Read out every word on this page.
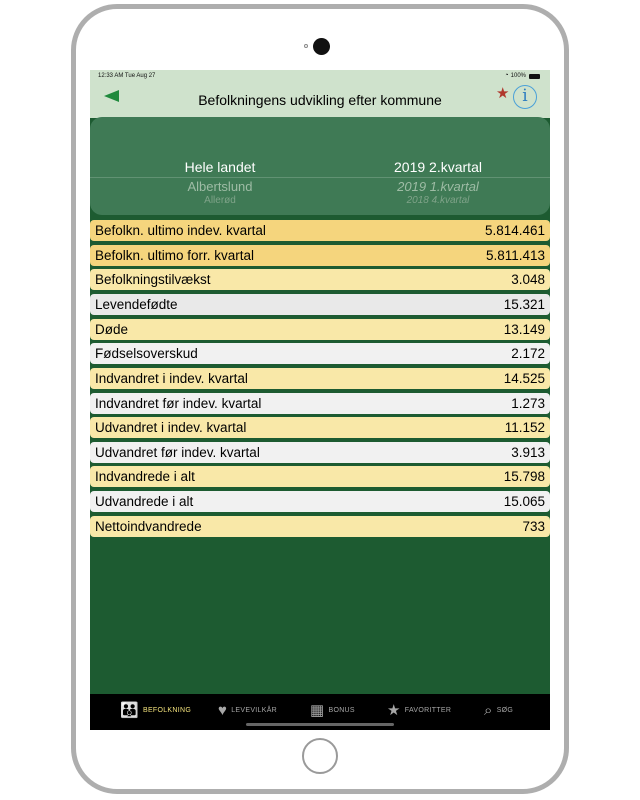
12:33 AM Tue Aug 27	◔ 100%
Befolkningens udvikling efter kommune	★ i
Hele landet
Albertslund
Allerød
2019 2.kvartal
2019 1.kvartal
2018 4.kvartal
Befolkn. ultimo indev. kvartal	5.814.461
Befolkn. ultimo forr. kvartal	5.811.413
Befolkningstilvækst	3.048
Levendefødte	15.321
Døde	13.149
Fødselsoverskud	2.172
Indvandret i indev. kvartal	14.525
Indvandret før indev. kvartal	1.273
Udvandret i indev. kvartal	11.152
Udvandret før indev. kvartal	3.913
Indvandrede i alt	15.798
Udvandrede i alt	15.065
Nettoindvandrede	733
👪 BEFOLKNING ♥ LEVEVILKÅR ▦ BONUS ★ FAVORITTER ⌕ SØG
